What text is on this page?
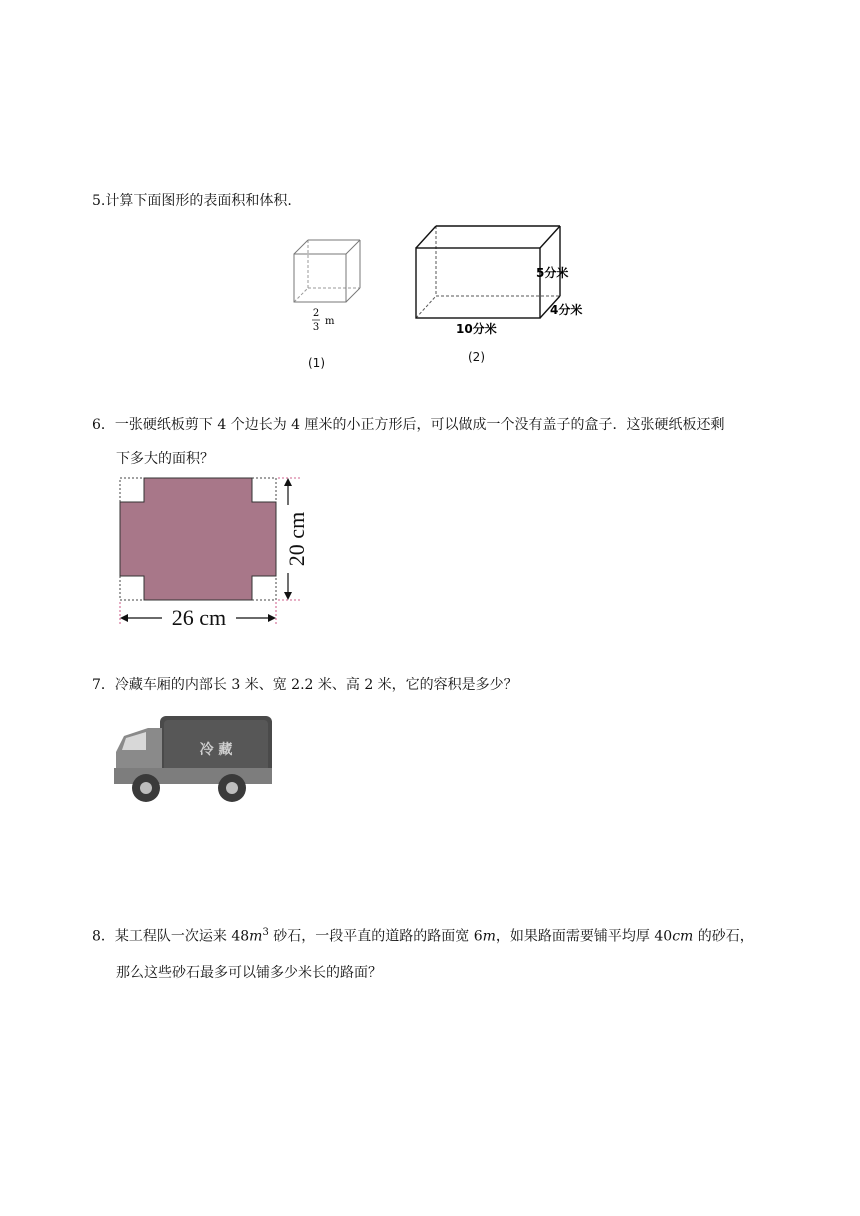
5.计算下面图形的表面积和体积.
2
3
m
(1)
5分米
4分米
10分米
(2)
6．一张硬纸板剪下 4 个边长为 4 厘米的小正方形后，可以做成一个没有盖子的盒子．这张硬纸板还剩
下多大的面积？
20 cm
26 cm
7．冷藏车厢的内部长 3 米、宽 2.2 米、高 2 米，它的容积是多少？
冷 藏
8．某工程队一次运来 $48m^3$ 砂石，一段平直的道路的路面宽 6m，如果路面需要铺平均厚 40cm 的砂石，
那么这些砂石最多可以铺多少米长的路面？
